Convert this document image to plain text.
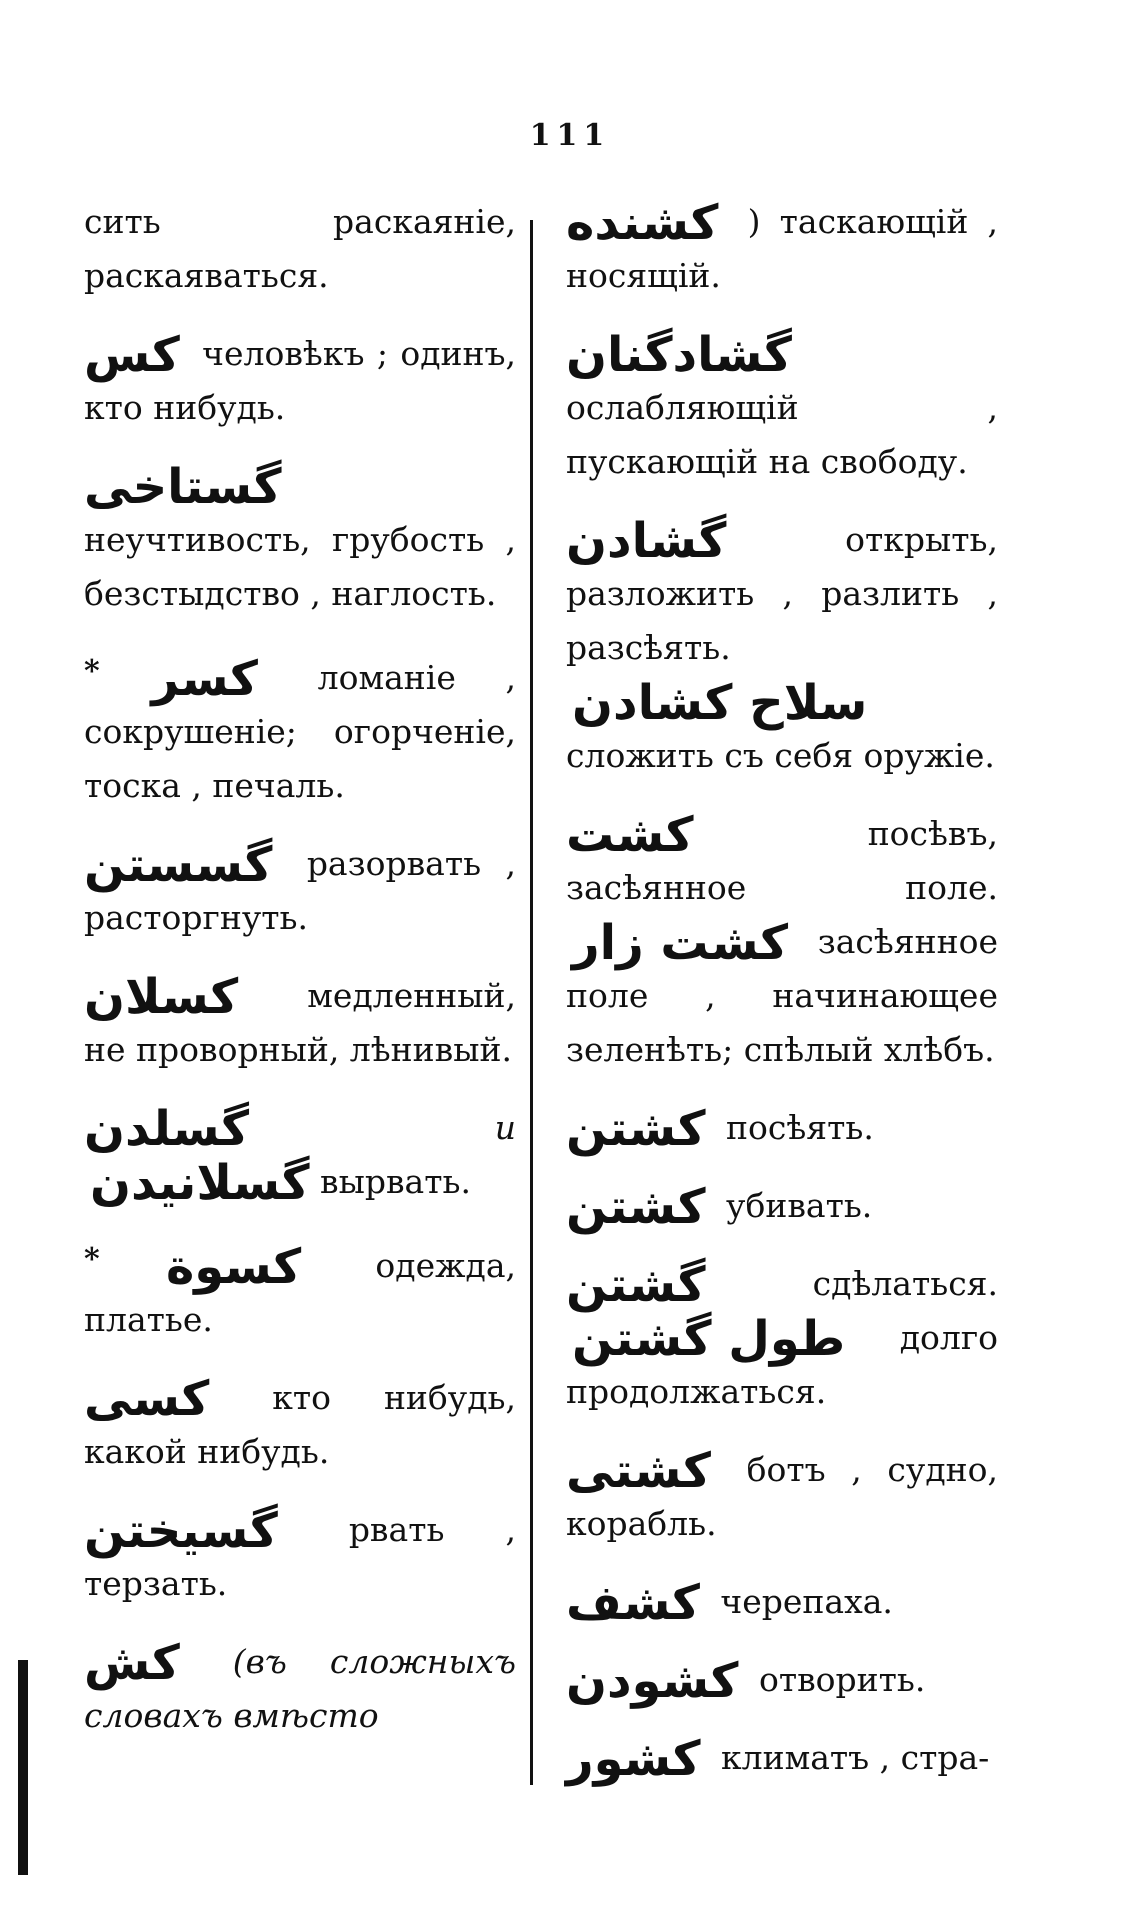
111
сить раскаяніе, раскаяваться.
کس человѣкъ ; одинъ, кто нибудь.
گستاخی неучтивость, грубость , безстыдство , наглость.
* کسر ломаніе , сокрушеніе; огорченіе, тоска , печаль.
گسستن разорвать , расторгнуть.
کسلان медленный, не проворный, лѣнивый.
گسلدن	и گسلانیدن вырвать.
* کسوة одежда, платье.
کسی кто нибудь, какой нибудь.
گسیختن рвать , терзать.
کش (въ сложныхъ словахъ вмѣсто
کشنده ) таскающій , носящій.
گشادگنان ослабляющій , пускающій на свободу.
گشادن	открыть, разложить , разлить , разсѣять. سلاح کشادن сложить съ себя оружіе.
کشت	посѣвъ, засѣянное поле. کشت زار засѣянное поле , начинающее зеленѣть; спѣлый хлѣбъ.
کشتن посѣять.
کشتن убивать.
گشتن	сдѣлаться. طول گشتن долго продолжаться.
کشتی ботъ , судно, корабль.
کشف черепаха.
کشودن отворить.
کشور климатъ , стра-
